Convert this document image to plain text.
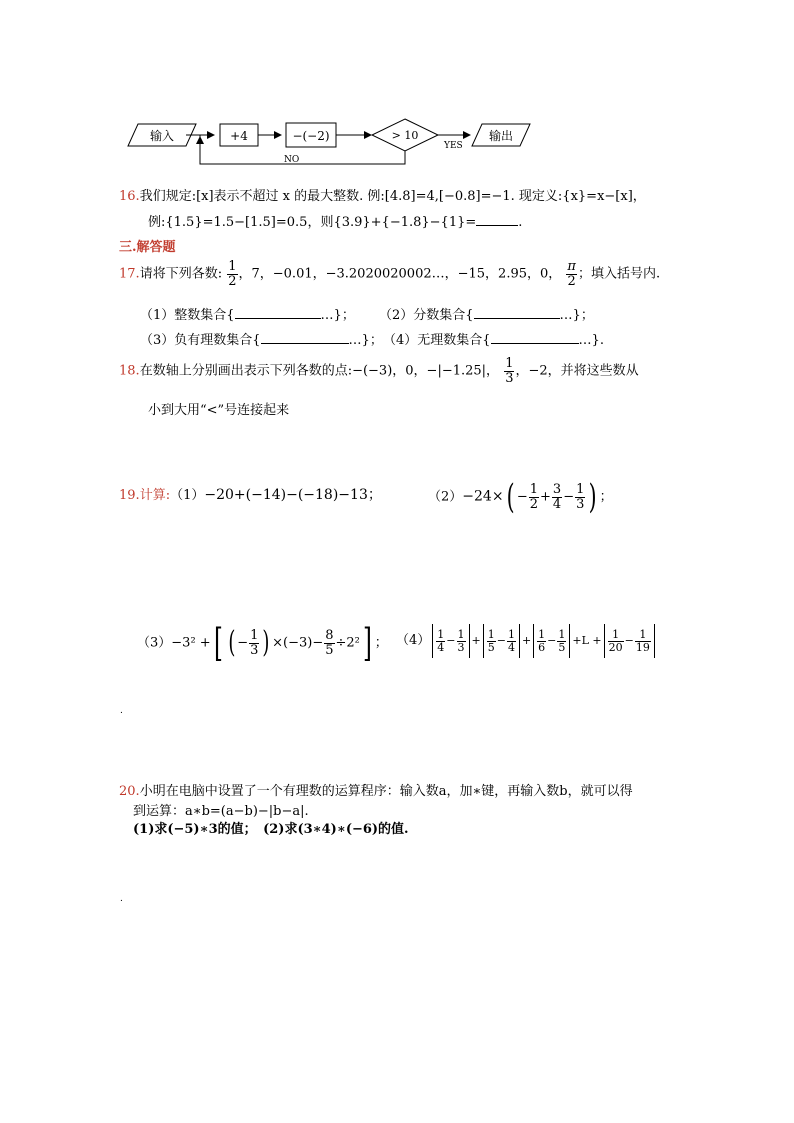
输入	+4	−(−2)	> 10
YES
输出
NO
16.我们规定:[x]表示不超过 x 的最大整数. 例:[4.8]=4,[−0.8]=−1. 现定义:{x}=x−[x]，
例:{1.5}=1.5−[1.5]=0.5，则{3.9}+{−1.8}−{1}=	.
三.解答题
17.请将下列各数: $\frac{1}{2}$ ，7，−0.01，−3.2020020002…，−15，2.95，0， $\frac{\pi}{2}$ ；填入括号内.
（1）整数集合{	…}； （2）分数集合{	…}；
（3）负有理数集合{	…}； （4）无理数集合{	…}.
18.在数轴上分别画出表示下列各数的点:−(−3)，0，−|−1.25|， $\frac{1}{3}$ ，−2，并将这些数从
小到大用“<”号连接起来
19.计算:（1）−20+(−14)−(−18)−13；	$(2)-24\times( - \frac{1}{2} + \frac{3}{4} - \frac{1}{3}$ ) ；
（3）−3² +[ ( − $\frac{1}{3}$ ) $\times(-3)- \frac{8}{5} \div 2^2$] ； $(4) \frac{1}{4} - \frac{1}{3} + \frac{1}{5} - \frac{1}{4} + \frac{1}{6} - \frac{1}{5} +L + \frac{1}{20} - \frac{1}{19}$
.
20.小明在电脑中设置了一个有理数的运算程序：输入数a，加∗键，再输入数b，就可以得
到运算：a∗b=(a−b)−|b−a|.
(1)求(−5)∗3的值；　(2)求(3∗4)∗(−6)的值.
.
